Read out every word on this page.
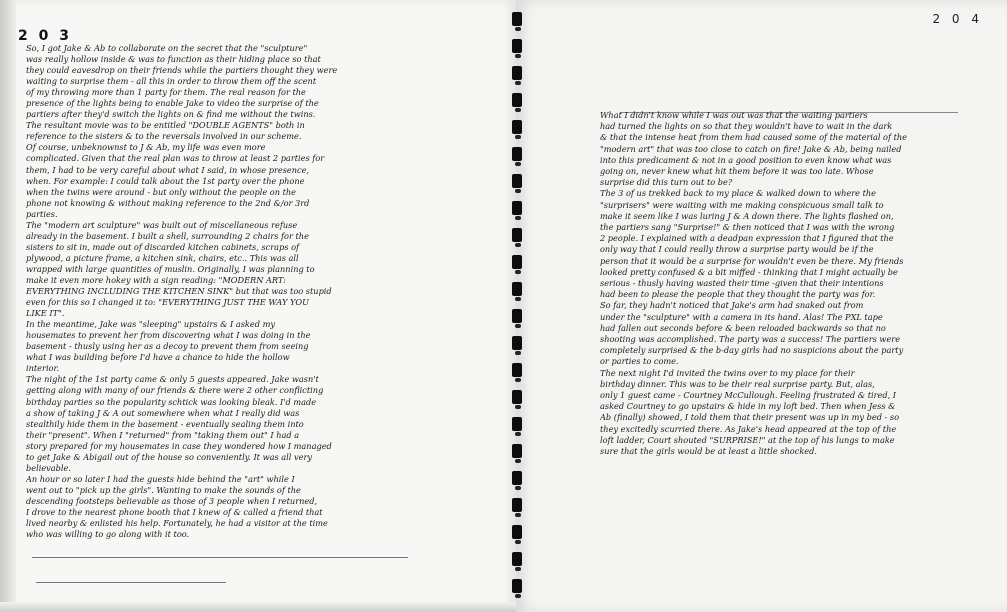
2 0 3
So, I got Jake & Ab to collaborate on the secret that the "sculpture"
was really hollow inside & was to function as their hiding place so that
they could eavesdrop on their friends while the partiers thought they were
waiting to surprise them - all this in order to throw them off the scent
of my throwing more than 1 party for them. The real reason for the
presence of the lights being to enable Jake to video the surprise of the
partiers after they'd switch the lights on & find me without the twins.
The resultant movie was to be entitled "DOUBLE AGENTS" both in
reference to the sisters & to the reversals involved in our scheme.
Of course, unbeknownst to J & Ab, my life was even more
complicated. Given that the real plan was to throw at least 2 parties for
them, I had to be very careful about what I said, in whose presence,
when. For example: I could talk about the 1st party over the phone
when the twins were around - but only without the people on the
phone not knowing & without making reference to the 2nd &/or 3rd
parties.
The "modern art sculpture" was built out of miscellaneous refuse
already in the basement. I built a shell, surrounding 2 chairs for the
sisters to sit in, made out of discarded kitchen cabinets, scraps of
plywood, a picture frame, a kitchen sink, chairs, etc.. This was all
wrapped with large quantities of muslin. Originally, I was planning to
make it even more hokey with a sign reading: "MODERN ART:
EVERYTHING INCLUDING THE KITCHEN SINK" but that was too stupid
even for this so I changed it to: "EVERYTHING JUST THE WAY YOU
LIKE IT".
In the meantime, Jake was "sleeping" upstairs & I asked my
housemates to prevent her from discovering what I was doing in the
basement - thusly using her as a decoy to prevent them from seeing
what I was building before I'd have a chance to hide the hollow
interior.
The night of the 1st party came & only 5 guests appeared. Jake wasn't
getting along with many of our friends & there were 2 other conflicting
birthday parties so the popularity schtick was looking bleak. I'd made
a show of taking J & A out somewhere when what I really did was
stealthily hide them in the basement - eventually sealing them into
their "present". When I "returned" from "taking them out" I had a
story prepared for my housemates in case they wondered how I managed
to get Jake & Abigail out of the house so conveniently. It was all very
believable.
An hour or so later I had the guests hide behind the "art" while I
went out to "pick up the girls". Wanting to make the sounds of the
descending footsteps believable as those of 3 people when I returned,
I drove to the nearest phone booth that I knew of & called a friend that
lived nearby & enlisted his help. Fortunately, he had a visitor at the time
who was willing to go along with it too.
2 0 4
What I didn't know while I was out was that the waiting partiers
had turned the lights on so that they wouldn't have to wait in the dark
& that the intense heat from them had caused some of the material of the
"modern art" that was too close to catch on fire! Jake & Ab, being nailed
into this predicament & not in a good position to even know what was
going on, never knew what hit them before it was too late. Whose
surprise did this turn out to be?
The 3 of us trekked back to my place & walked down to where the
"surprisers" were waiting with me making conspicuous small talk to
make it seem like I was luring J & A down there. The lights flashed on,
the partiers sang "Surprise!" & then noticed that I was with the wrong
2 people. I explained with a deadpan expression that I figured that the
only way that I could really throw a surprise party would be if the
person that it would be a surprise for wouldn't even be there. My friends
looked pretty confused & a bit miffed - thinking that I might actually be
serious - thusly having wasted their time -given that their intentions
had been to please the people that they thought the party was for.
So far, they hadn't noticed that Jake's arm had snaked out from
under the "sculpture" with a camera in its hand. Alas! The PXL tape
had fallen out seconds before & been reloaded backwards so that no
shooting was accomplished. The party was a success! The partiers were
completely surprised & the b-day girls had no suspicions about the party
or parties to come.
The next night I'd invited the twins over to my place for their
birthday dinner. This was to be their real surprise party. But, alas,
only 1 guest came - Courtney McCullough. Feeling frustrated & tired, I
asked Courtney to go upstairs & hide in my loft bed. Then when Jess &
Ab (finally) showed, I told them that their present was up in my bed - so
they excitedly scurried there. As Jake's head appeared at the top of the
loft ladder, Court shouted "SURPRISE!" at the top of his lungs to make
sure that the girls would be at least a little shocked.
